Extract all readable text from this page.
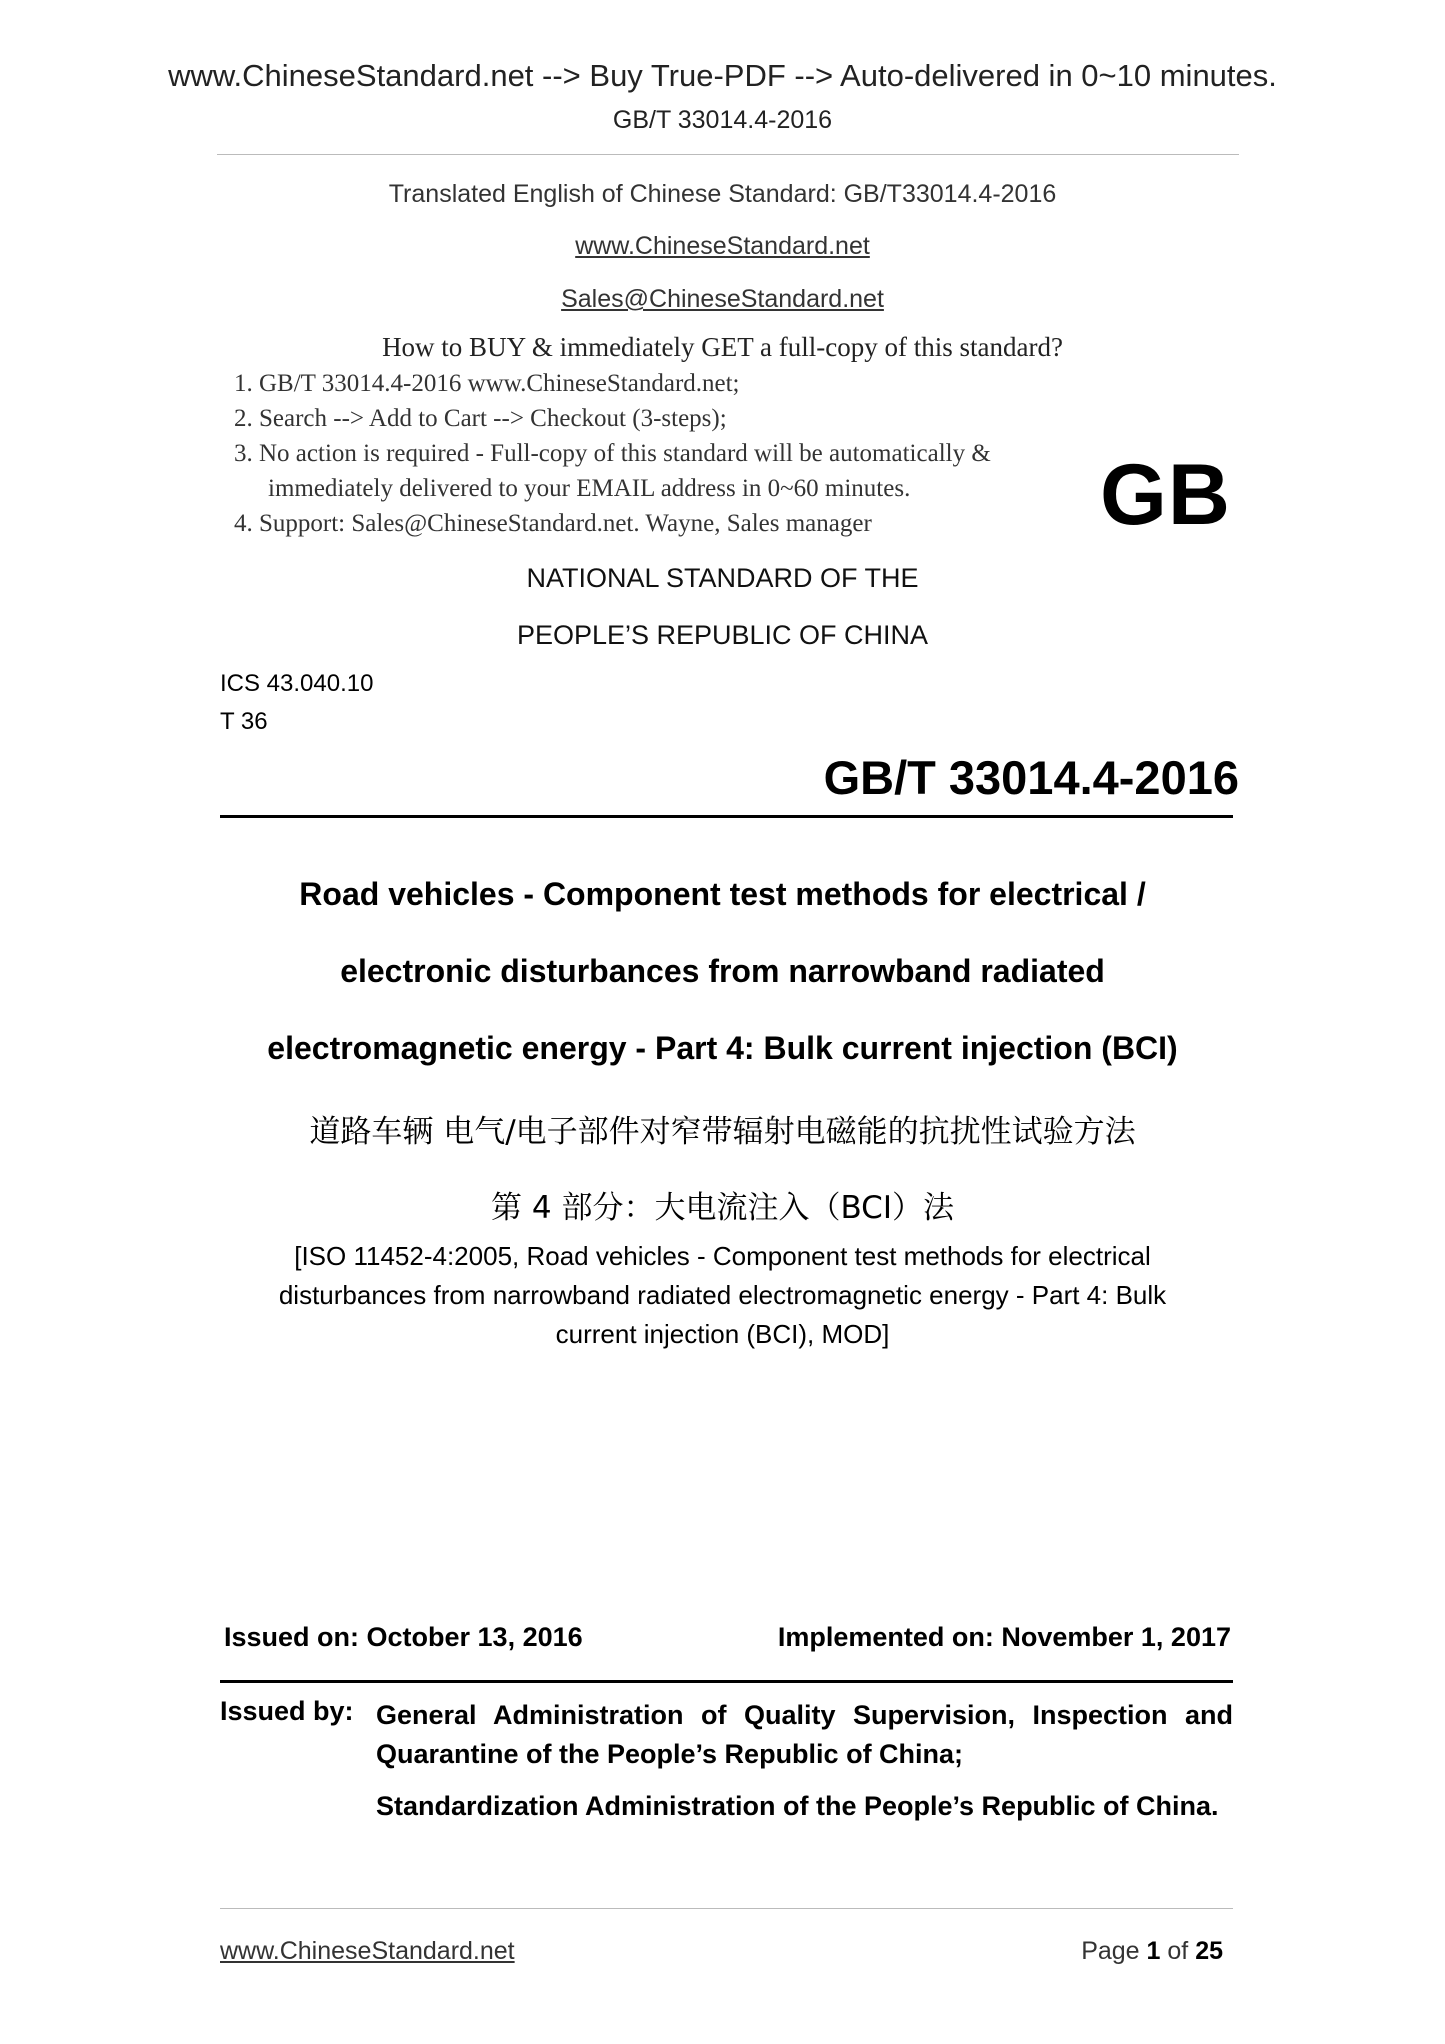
www.ChineseStandard.net --> Buy True-PDF --> Auto-delivered in 0~10 minutes.
GB/T 33014.4-2016
Translated English of Chinese Standard: GB/T33014.4-2016
www.ChineseStandard.net
Sales@ChineseStandard.net
How to BUY & immediately GET a full-copy of this standard?
1. GB/T 33014.4-2016 www.ChineseStandard.net;
2. Search --> Add to Cart --> Checkout (3-steps);
3. No action is required - Full-copy of this standard will be automatically & immediately delivered to your EMAIL address in 0~60 minutes.
4. Support: Sales@ChineseStandard.net. Wayne, Sales manager	GB
NATIONAL STANDARD OF THE
PEOPLE’S REPUBLIC OF CHINA
ICS 43.040.10
T 36
GB/T 33014.4-2016
Road vehicles - Component test methods for electrical /
electronic disturbances from narrowband radiated
electromagnetic energy - Part 4: Bulk current injection (BCI)
道路车辆 电气/电子部件对窄带辐射电磁能的抗扰性试验方法
第 4 部分：大电流注入（BCI）法
[ISO 11452-4:2005, Road vehicles - Component test methods for electrical
disturbances from narrowband radiated electromagnetic energy - Part 4: Bulk
current injection (BCI), MOD]
Issued on: October 13, 2016	Implemented on: November 1, 2017
Issued by: General Administration of Quality Supervision, Inspection and Quarantine of the People’s Republic of China;
Standardization Administration of the People’s Republic of China.
www.ChineseStandard.net	Page 1 of 25
